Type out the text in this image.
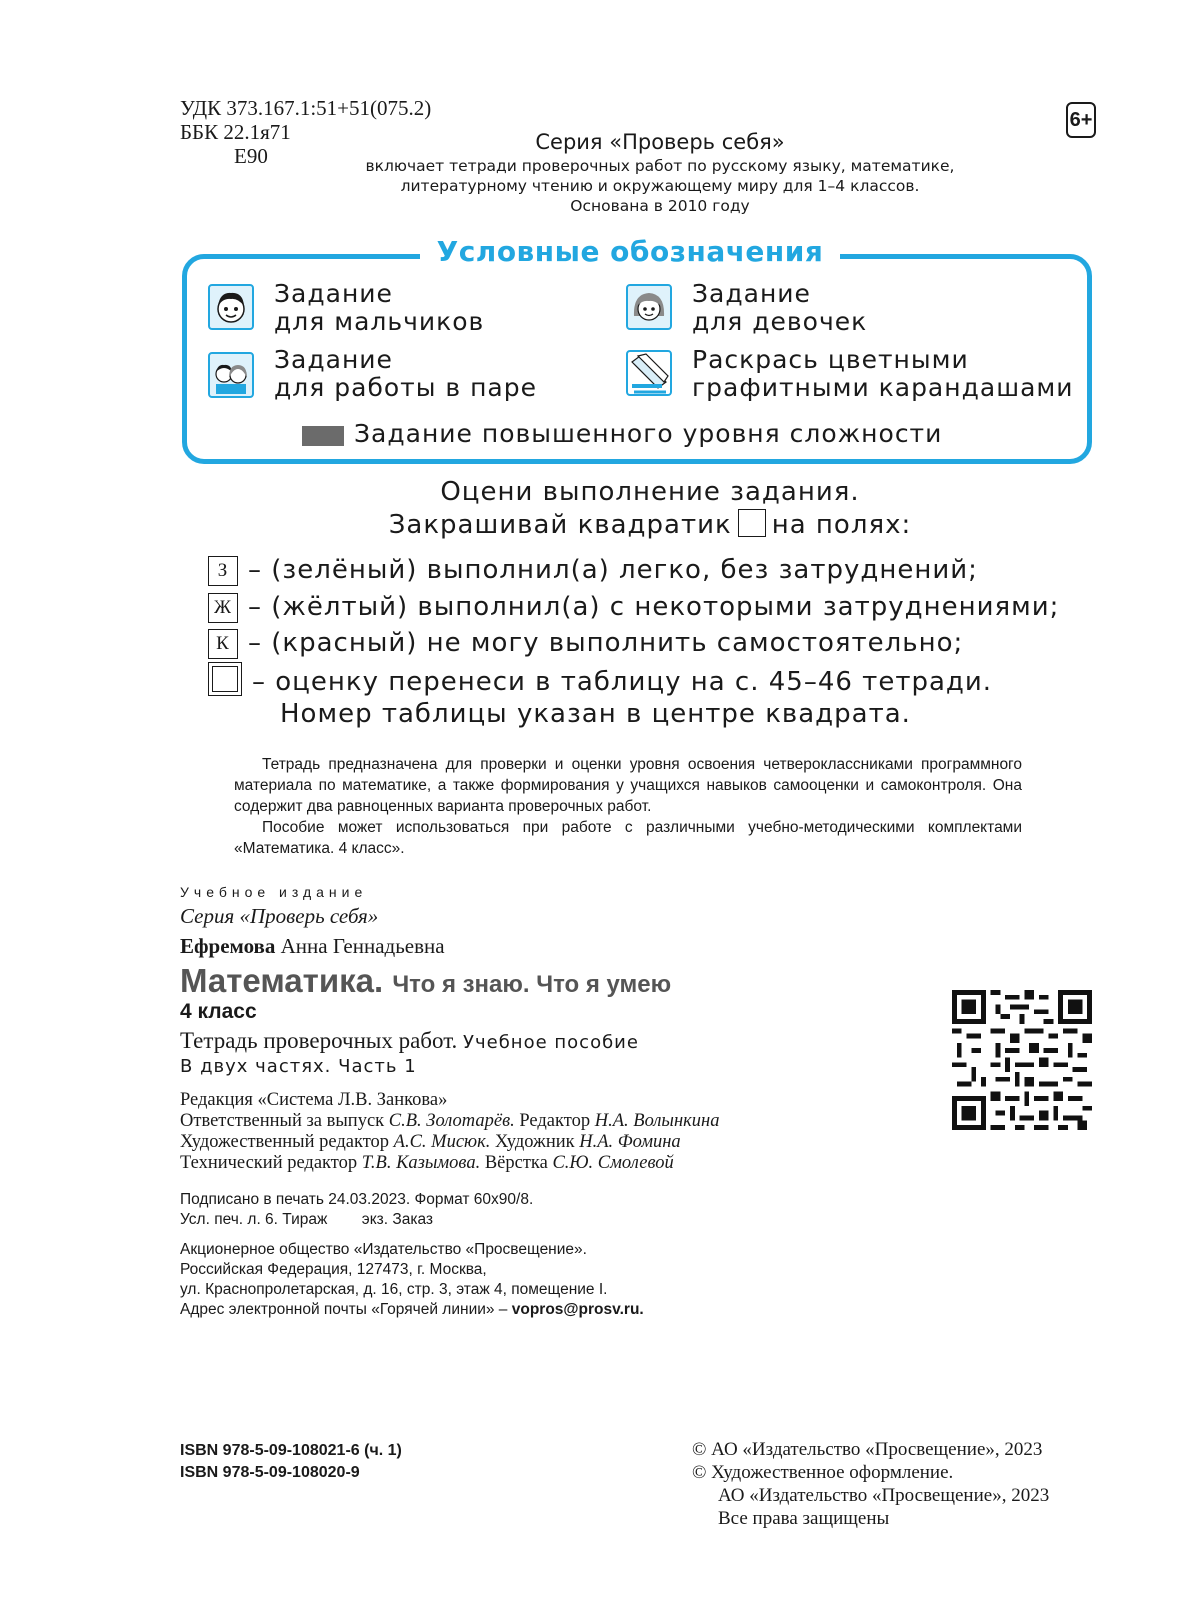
УДК 373.167.1:51+51(075.2)
ББК 22.1я71
Е90
6+
Серия «Проверь себя»
включает тетради проверочных работ по русскому языку, математике,
литературному чтению и окружающему миру для 1–4 классов.
Основана в 2010 году
Условные обозначения
Задание
для мальчиков
Задание
для девочек
Задание
для работы в паре
Раскрась цветными
графитными карандашами
Задание повышенного уровня сложности
Оцени выполнение задания.
Закрашивай квадратик на полях:
З – (зелёный) выполнил(а) легко, без затруднений;
Ж – (жёлтый) выполнил(а) с некоторыми затруднениями;
К – (красный) не могу выполнить самостоятельно;
– оценку перенеси в таблицу на с. 45–46 тетради.
Номер таблицы указан в центре квадрата.

Тетрадь предназначена для проверки и оценки уровня освоения четвероклассниками программного материала по математике, а также формирования у учащихся навыков самооценки и самоконтроля. Она содержит два равноценных варианта проверочных работ.

Пособие может использоваться при работе с различными учебно-методическими комплектами «Математика. 4 класс».

Учебное издание
Серия «Проверь себя»
Ефремова Анна Геннадьевна
Математика. Что я знаю. Что я умею
4 класс
Тетрадь проверочных работ. Учебное пособие
В двух частях. Часть 1
Редакция «Система Л.В. Занкова»
Ответственный за выпуск С.В. Золотарёв. Редактор Н.А. Волынкина
Художественный редактор А.С. Мисюк. Художник Н.А. Фомина
Технический редактор Т.В. Казымова. Вёрстка С.Ю. Смолевой
Подписано в печать 24.03.2023. Формат 60x90/8.
Усл. печ. л. 6. Тираж        экз. Заказ
Акционерное общество «Издательство «Просвещение».
Российская Федерация, 127473, г. Москва,
ул. Краснопролетарская, д. 16, стр. 3, этаж 4, помещение I.
Адрес электронной почты «Горячей линии» – vopros@prosv.ru.
ISBN 978-5-09-108021-6 (ч. 1)
ISBN 978-5-09-108020-9
© АО «Издательство «Просвещение», 2023
© Художественное оформление.
АО «Издательство «Просвещение», 2023
Все права защищены
